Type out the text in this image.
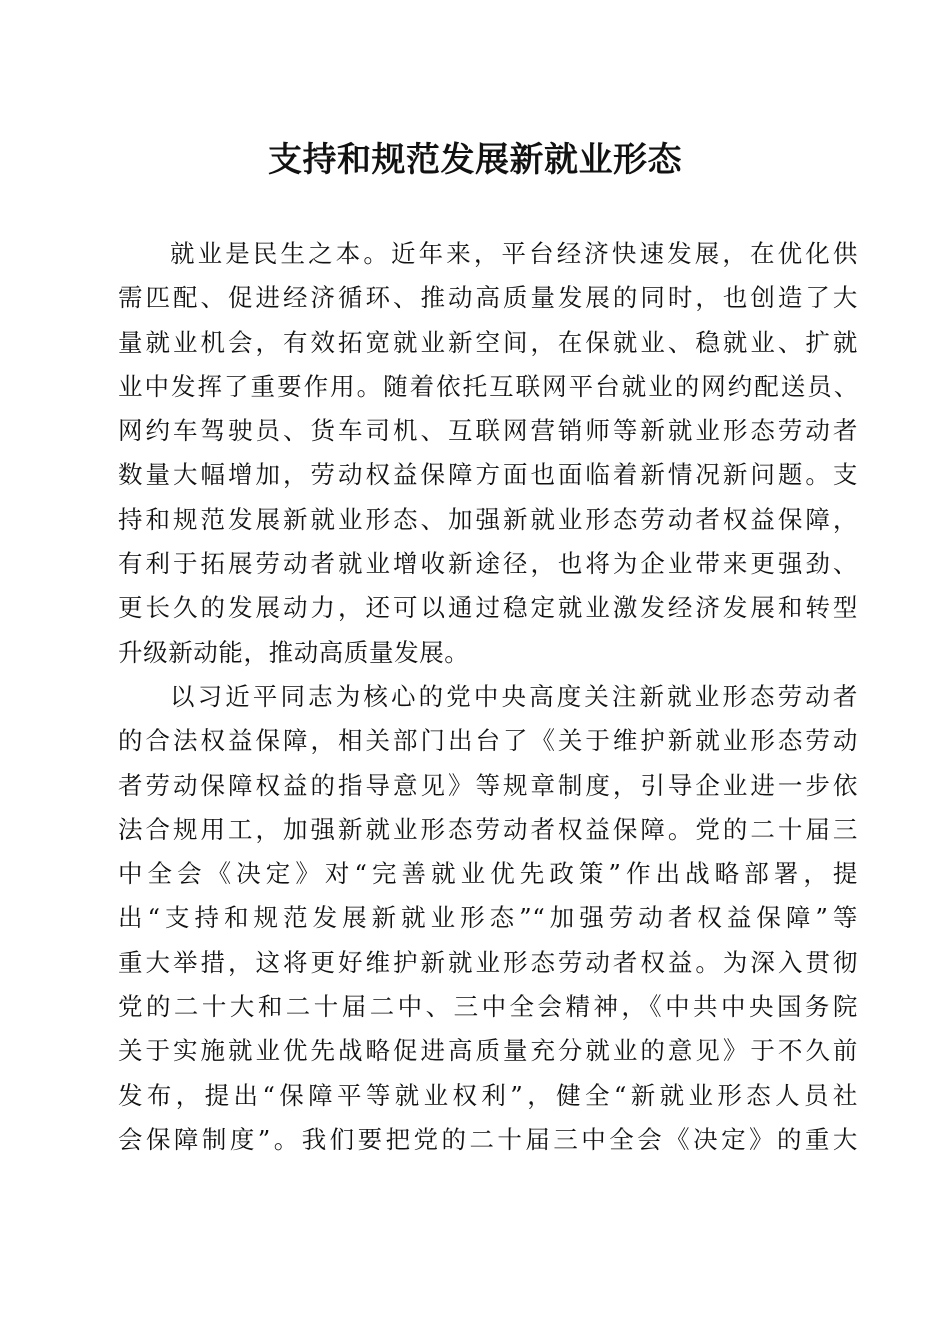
支持和规范发展新就业形态
就业是民生之本。近年来，平台经济快速发展，在优化供
需匹配、促进经济循环、推动高质量发展的同时，也创造了大
量就业机会，有效拓宽就业新空间，在保就业、稳就业、扩就
业中发挥了重要作用。随着依托互联网平台就业的网约配送员、
网约车驾驶员、货车司机、互联网营销师等新就业形态劳动者
数量大幅增加，劳动权益保障方面也面临着新情况新问题。支
持和规范发展新就业形态、加强新就业形态劳动者权益保障，
有利于拓展劳动者就业增收新途径，也将为企业带来更强劲、
更长久的发展动力，还可以通过稳定就业激发经济发展和转型
升级新动能，推动高质量发展。
以习近平同志为核心的党中央高度关注新就业形态劳动者
的合法权益保障，相关部门出台了《关于维护新就业形态劳动
者劳动保障权益的指导意见》等规章制度，引导企业进一步依
法合规用工，加强新就业形态劳动者权益保障。党的二十届三
中全会《决定》对“完善就业优先政策”作出战略部署，提
出“支持和规范发展新就业形态”“加强劳动者权益保障”等
重大举措，这将更好维护新就业形态劳动者权益。为深入贯彻
党的二十大和二十届二中、三中全会精神，《中共中央国务院
关于实施就业优先战略促进高质量充分就业的意见》于不久前
发布，提出“保障平等就业权利”，健全“新就业形态人员社
会保障制度”。我们要把党的二十届三中全会《决定》的重大
